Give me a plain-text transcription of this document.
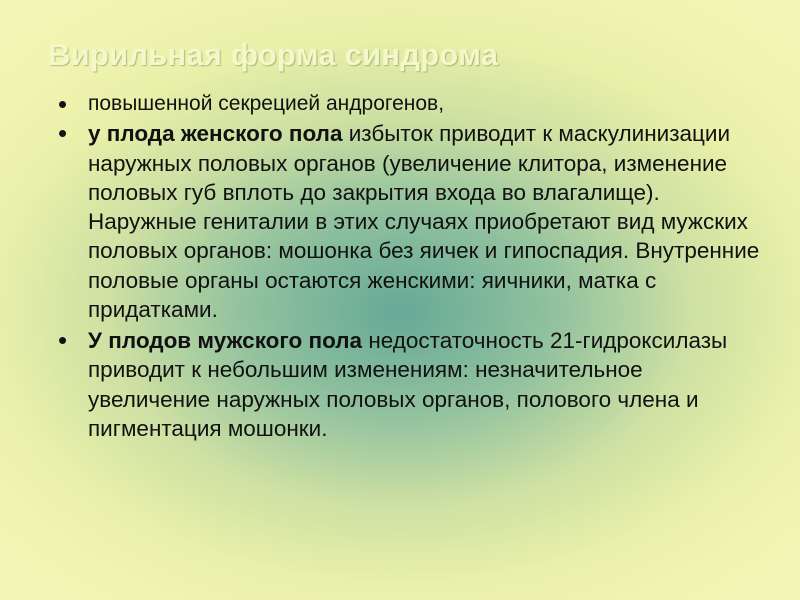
Вирильная форма синдрома
• повышенной секрецией андрогенов,
• у плода женского пола избыток приводит к маскулинизации наружных половых органов (увеличение клитора, изменение половых губ вплоть до закрытия входа во влагалище). Наружные гениталии в этих случаях приобретают вид мужских половых органов: мошонка без яичек и гипоспадия. Внутренние половые органы остаются женскими: яичники, матка с придатками.
• У плодов мужского пола недостаточность 21-гидроксилазы приводит к небольшим изменениям: незначительное увеличение наружных половых органов, полового члена и пигментация мошонки.
